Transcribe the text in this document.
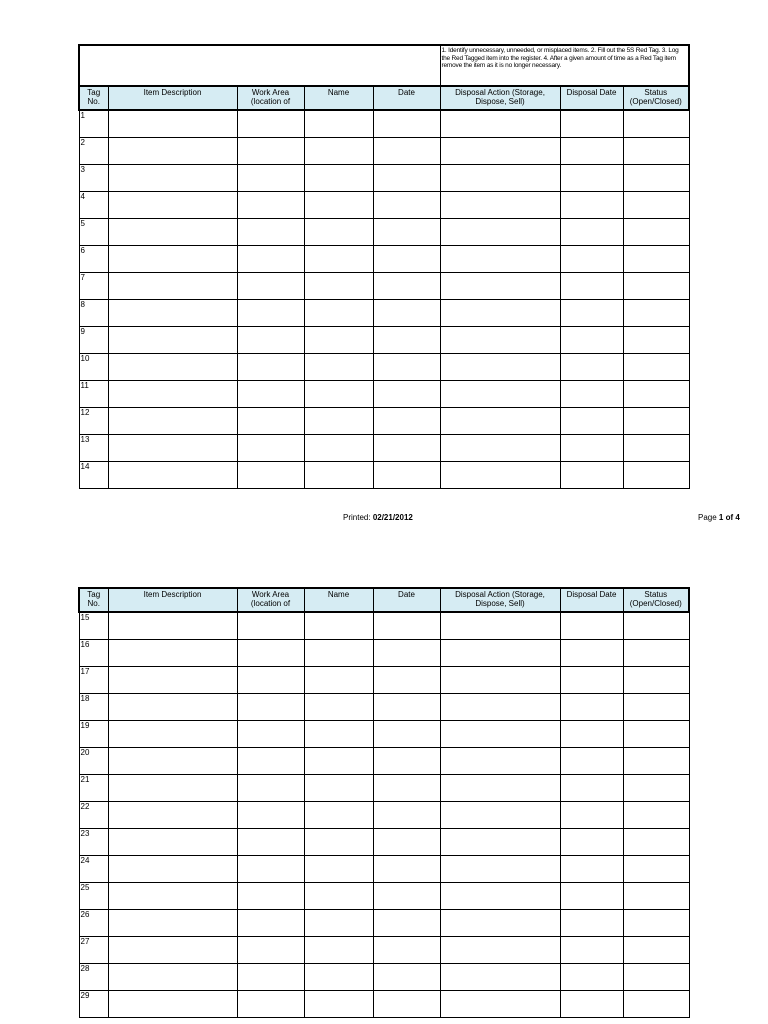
					1. Identify unnecessary, unneeded, or misplaced items. 2. Fill out the 5S Red Tag. 3. Log the Red Tagged item into the register. 4. After a given amount of time as a Red Tag item remove the item as it is no longer necessary.		
Tag No.	Item Description	Work Area (location of	Name	Date	Disposal Action (Storage, Dispose, Sell)	Disposal Date	Status (Open/Closed)
1							
2							
3							
4							
5							
6							
7							
8							
9							
10							
11							
12							
13							
14							
Printed: 02/21/2012	Page 1 of 4
Tag No.	Item Description	Work Area (location of	Name	Date	Disposal Action (Storage, Dispose, Sell)	Disposal Date	Status (Open/Closed)
15							
16							
17							
18							
19							
20							
21							
22							
23							
24							
25							
26							
27							
28							
29							
